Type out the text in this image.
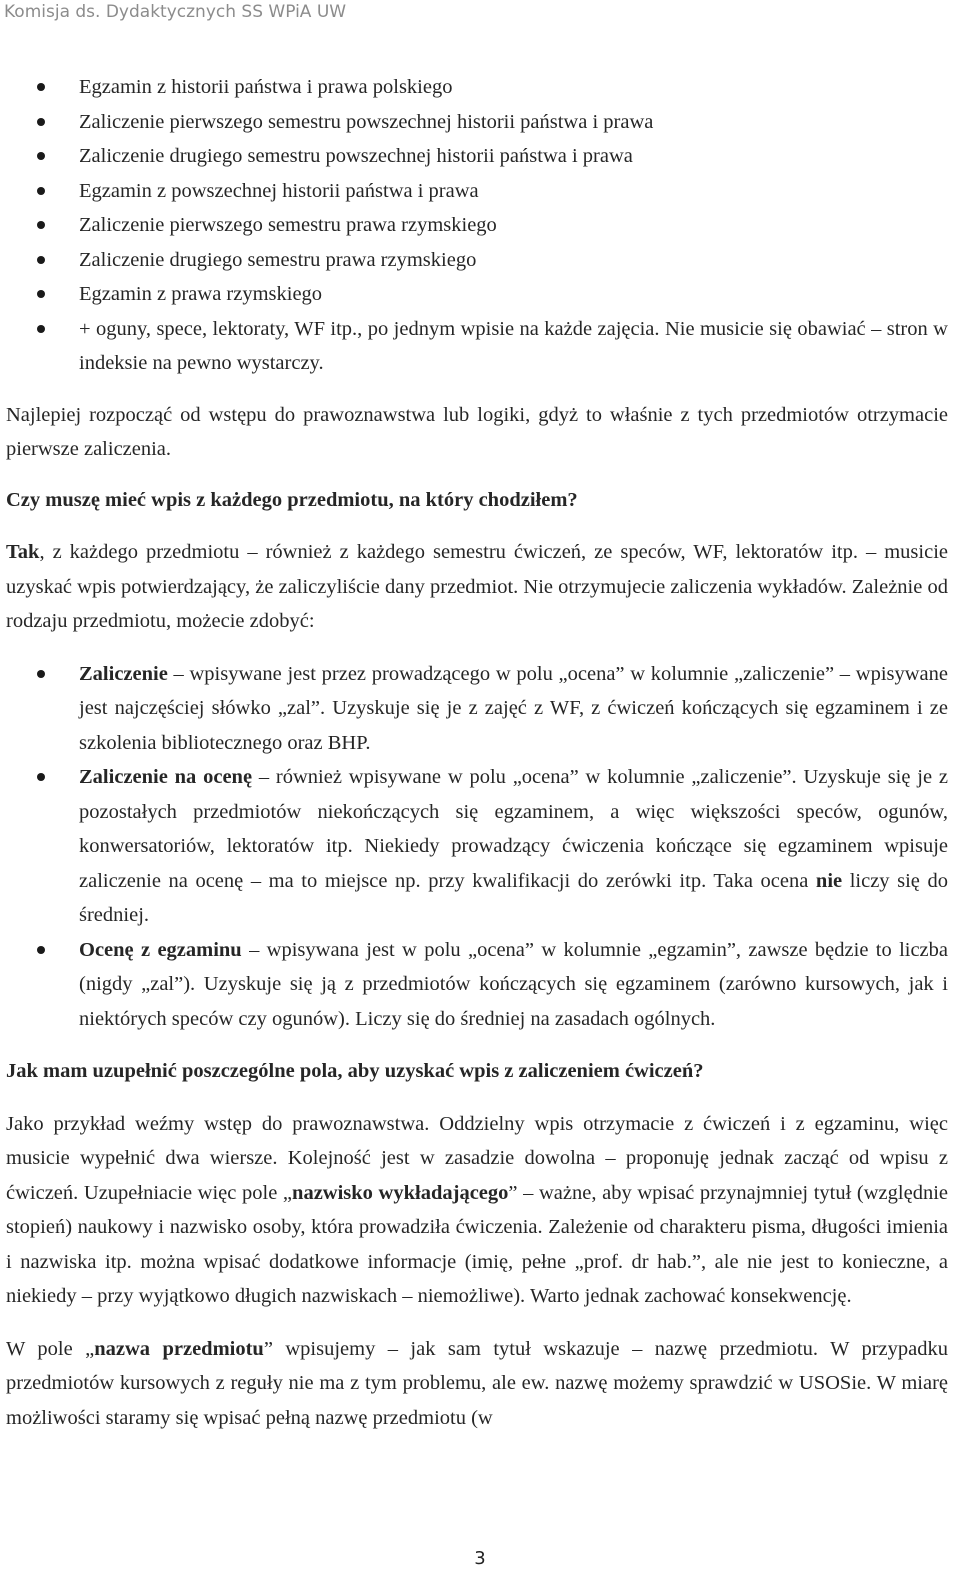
Komisja ds. Dydaktycznych SS WPiA UW
Egzamin z historii państwa i prawa polskiego
Zaliczenie pierwszego semestru powszechnej historii państwa i prawa
Zaliczenie drugiego semestru powszechnej historii państwa i prawa
Egzamin z powszechnej historii państwa i prawa
Zaliczenie pierwszego semestru prawa rzymskiego
Zaliczenie drugiego semestru prawa rzymskiego
Egzamin z prawa rzymskiego
+ oguny, spece, lektoraty, WF itp., po jednym wpisie na każde zajęcia. Nie musicie się obawiać – stron w indeksie na pewno wystarczy.

Najlepiej rozpocząć od wstępu do prawoznawstwa lub logiki, gdyż to właśnie z tych przedmiotów otrzymacie pierwsze zaliczenia.

Czy muszę mieć wpis z każdego przedmiotu, na który chodziłem?

Tak, z każdego przedmiotu – również z każdego semestru ćwiczeń, ze speców, WF, lektoratów itp. – musicie uzyskać wpis potwierdzający, że zaliczyliście dany przedmiot. Nie otrzymujecie zaliczenia wykładów. Zależnie od rodzaju przedmiotu, możecie zdobyć:

Zaliczenie – wpisywane jest przez prowadzącego w polu „ocena” w kolumnie „zaliczenie” – wpisywane jest najczęściej słówko „zal”. Uzyskuje się je z zajęć z WF, z ćwiczeń kończących się egzaminem i ze szkolenia bibliotecznego oraz BHP.
Zaliczenie na ocenę – również wpisywane w polu „ocena” w kolumnie „zaliczenie”. Uzyskuje się je z pozostałych przedmiotów niekończących się egzaminem, a więc większości speców, ogunów, konwersatoriów, lektoratów itp. Niekiedy prowadzący ćwiczenia kończące się egzaminem wpisuje zaliczenie na ocenę – ma to miejsce np. przy kwalifikacji do zerówki itp. Taka ocena nie liczy się do średniej.
Ocenę z egzaminu – wpisywana jest w polu „ocena” w kolumnie „egzamin”, zawsze będzie to liczba (nigdy „zal”). Uzyskuje się ją z przedmiotów kończących się egzaminem (zarówno kursowych, jak i niektórych speców czy ogunów). Liczy się do średniej na zasadach ogólnych.

Jak mam uzupełnić poszczególne pola, aby uzyskać wpis z zaliczeniem ćwiczeń?

Jako przykład weźmy wstęp do prawoznawstwa. Oddzielny wpis otrzymacie z ćwiczeń i z egzaminu, więc musicie wypełnić dwa wiersze. Kolejność jest w zasadzie dowolna – proponuję jednak zacząć od wpisu z ćwiczeń. Uzupełniacie więc pole „nazwisko wykładającego” – ważne, aby wpisać przynajmniej tytuł (względnie stopień) naukowy i nazwisko osoby, która prowadziła ćwiczenia. Zależenie od charakteru pisma, długości imienia i nazwiska itp. można wpisać dodatkowe informacje (imię, pełne „prof. dr hab.”, ale nie jest to konieczne, a niekiedy – przy wyjątkowo długich nazwiskach – niemożliwe). Warto jednak zachować konsekwencję.

W pole „nazwa przedmiotu” wpisujemy – jak sam tytuł wskazuje – nazwę przedmiotu. W przypadku przedmiotów kursowych z reguły nie ma z tym problemu, ale ew. nazwę możemy sprawdzić w USOSie. W miarę możliwości staramy się wpisać pełną nazwę przedmiotu (w

3
